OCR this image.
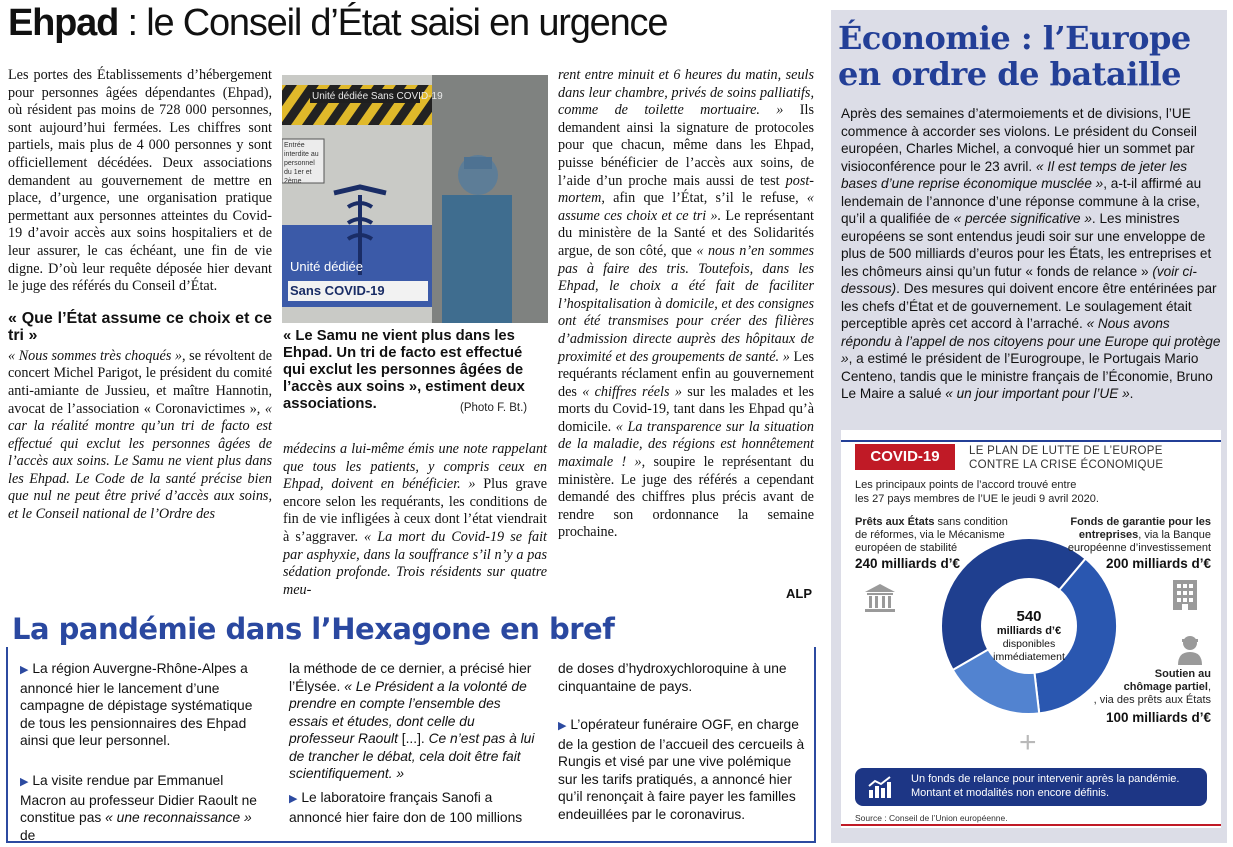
Ehpad : le Conseil d’État saisi en urgence

Les portes des Établissements d’hébergement pour personnes âgées dépendantes (Ehpad), où résident pas moins de 728 000 personnes, sont aujourd’hui fermées. Les chiffres sont partiels, mais plus de 4 000 personnes y sont officiellement décédées. Deux associations demandent au gouvernement de mettre en place, d’urgence, une organisation pratique permettant aux personnes atteintes du Covid-19 d’avoir accès aux soins hospitaliers et de leur assurer, le cas échéant, une fin de vie digne. D’où leur requête déposée hier devant le juge des référés du Conseil d’État.

« Que l’État assume ce choix et ce tri »

« Nous sommes très choqués », se révoltent de concert Michel Parigot, le président du comité anti-amiante de Jussieu, et maître Hannotin, avocat de l’association « Coronavictimes », « car la réalité montre qu’un tri de facto est effectué qui exclut les personnes âgées de l’accès aux soins. Le Samu ne vient plus dans les Ehpad. Le Code de la santé précise bien que nul ne peut être privé d’accès aux soins, et le Conseil national de l’Ordre des

Unité dédiée Sans COVID-19
Entrée interdite au personnel du 1er et 2ème
Unité dédiée
Sans COVID-19
« Le Samu ne vient plus dans les Ehpad. Un tri de facto est effectué qui exclut les personnes âgées de l’accès aux soins », estiment deux associations.	(Photo F. Bt.)

médecins a lui-même émis une note rappelant que tous les patients, y compris ceux en Ehpad, doivent en bénéficier. » Plus grave encore selon les requérants, les conditions de fin de vie infligées à ceux dont l’état viendrait à s’aggraver. « La mort du Covid-19 se fait par asphyxie, dans la souffrance s’il n’y a pas sédation profonde. Trois résidents sur quatre meu-

rent entre minuit et 6 heures du matin, seuls dans leur chambre, privés de soins palliatifs, comme de toilette mortuaire. » Ils demandent ainsi la signature de protocoles pour que chacun, même dans les Ehpad, puisse bénéficier de l’accès aux soins, de l’aide d’un proche mais aussi de test post-mortem, afin que l’État, s’il le refuse, « assume ces choix et ce tri ». Le représentant du ministère de la Santé et des Solidarités argue, de son côté, que « nous n’en sommes pas à faire des tris. Toutefois, dans les Ehpad, le choix a été fait de faciliter l’hospitalisation à domicile, et des consignes ont été transmises pour créer des filières d’admission directe auprès des hôpitaux de proximité et des groupements de santé. » Les requérants réclament enfin au gouvernement des « chiffres réels » sur les malades et les morts du Covid-19, tant dans les Ehpad qu’à domicile. « La transparence sur la situation de la maladie, des régions est honnêtement maximale ! », soupire le représentant du ministère. Le juge des référés a cependant demandé des chiffres plus précis avant de rendre son ordonnance la semaine prochaine.

ALP
La pandémie dans l’Hexagone en bref
▶ La région Auvergne-Rhône-Alpes a annoncé hier le lancement d’une campagne de dépistage systématique de tous les pensionnaires des Ehpad ainsi que leur personnel.
▶ La visite rendue par Emmanuel Macron au professeur Didier Raoult ne constitue pas « une reconnaissance » de
la méthode de ce dernier, a précisé hier l’Élysée. « Le Président a la volonté de prendre en compte l’ensemble des essais et études, dont celle du professeur Raoult [...]. Ce n’est pas à lui de trancher le débat, cela doit être fait scientifiquement. »
▶ Le laboratoire français Sanofi a annoncé hier faire don de 100 millions
de doses d’hydroxychloroquine à une cinquantaine de pays.
▶ L’opérateur funéraire OGF, en charge de la gestion de l’accueil des cercueils à Rungis et visé par une vive polémique sur les tarifs pratiqués, a annoncé hier qu’il renonçait à faire payer les familles endeuillées par le coronavirus.
Économie : l’Europe
en ordre de bataille
Après des semaines d’atermoiements et de divisions, l’UE commence à accorder ses violons. Le président du Conseil européen, Charles Michel, a convoqué hier un sommet par visioconférence pour le 23 avril. « Il est temps de jeter les bases d’une reprise économique musclée », a-t-il affirmé au lendemain de l’annonce d’une réponse commune à la crise, qu’il a qualifiée de « percée significative ». Les ministres européens se sont entendus jeudi soir sur une enveloppe de plus de 500 milliards d’euros pour les États, les entreprises et les chômeurs ainsi qu’un futur « fonds de relance » (voir ci-dessous). Des mesures qui doivent encore être entérinées par les chefs d’État et de gouvernement. Le soulagement était perceptible après cet accord à l’arraché. « Nous avons répondu à l’appel de nos citoyens pour une Europe qui protège », a estimé le président de l’Eurogroupe, le Portugais Mario Centeno, tandis que le ministre français de l’Économie, Bruno Le Maire a salué « un jour important pour l’UE ».
COVID-19	LE PLAN DE LUTTE DE L’EUROPE
CONTRE LA CRISE ÉCONOMIQUE
Les principaux points de l’accord trouvé entre
les 27 pays membres de l’UE le jeudi 9 avril 2020.
540
milliards d’€
disponibles
immédiatement
Prêts aux États sans condition de réformes, via le Mécanisme européen de stabilité
240 milliards d’€
Fonds de garantie pour les entreprises, via la Banque européenne d’investissement
200 milliards d’€
Soutien au
chômage partiel,
, via des prêts aux États
100 milliards d’€
+
Un fonds de relance pour intervenir après la pandémie.
Montant et modalités non encore définis.
Source : Conseil de l’Union européenne.
